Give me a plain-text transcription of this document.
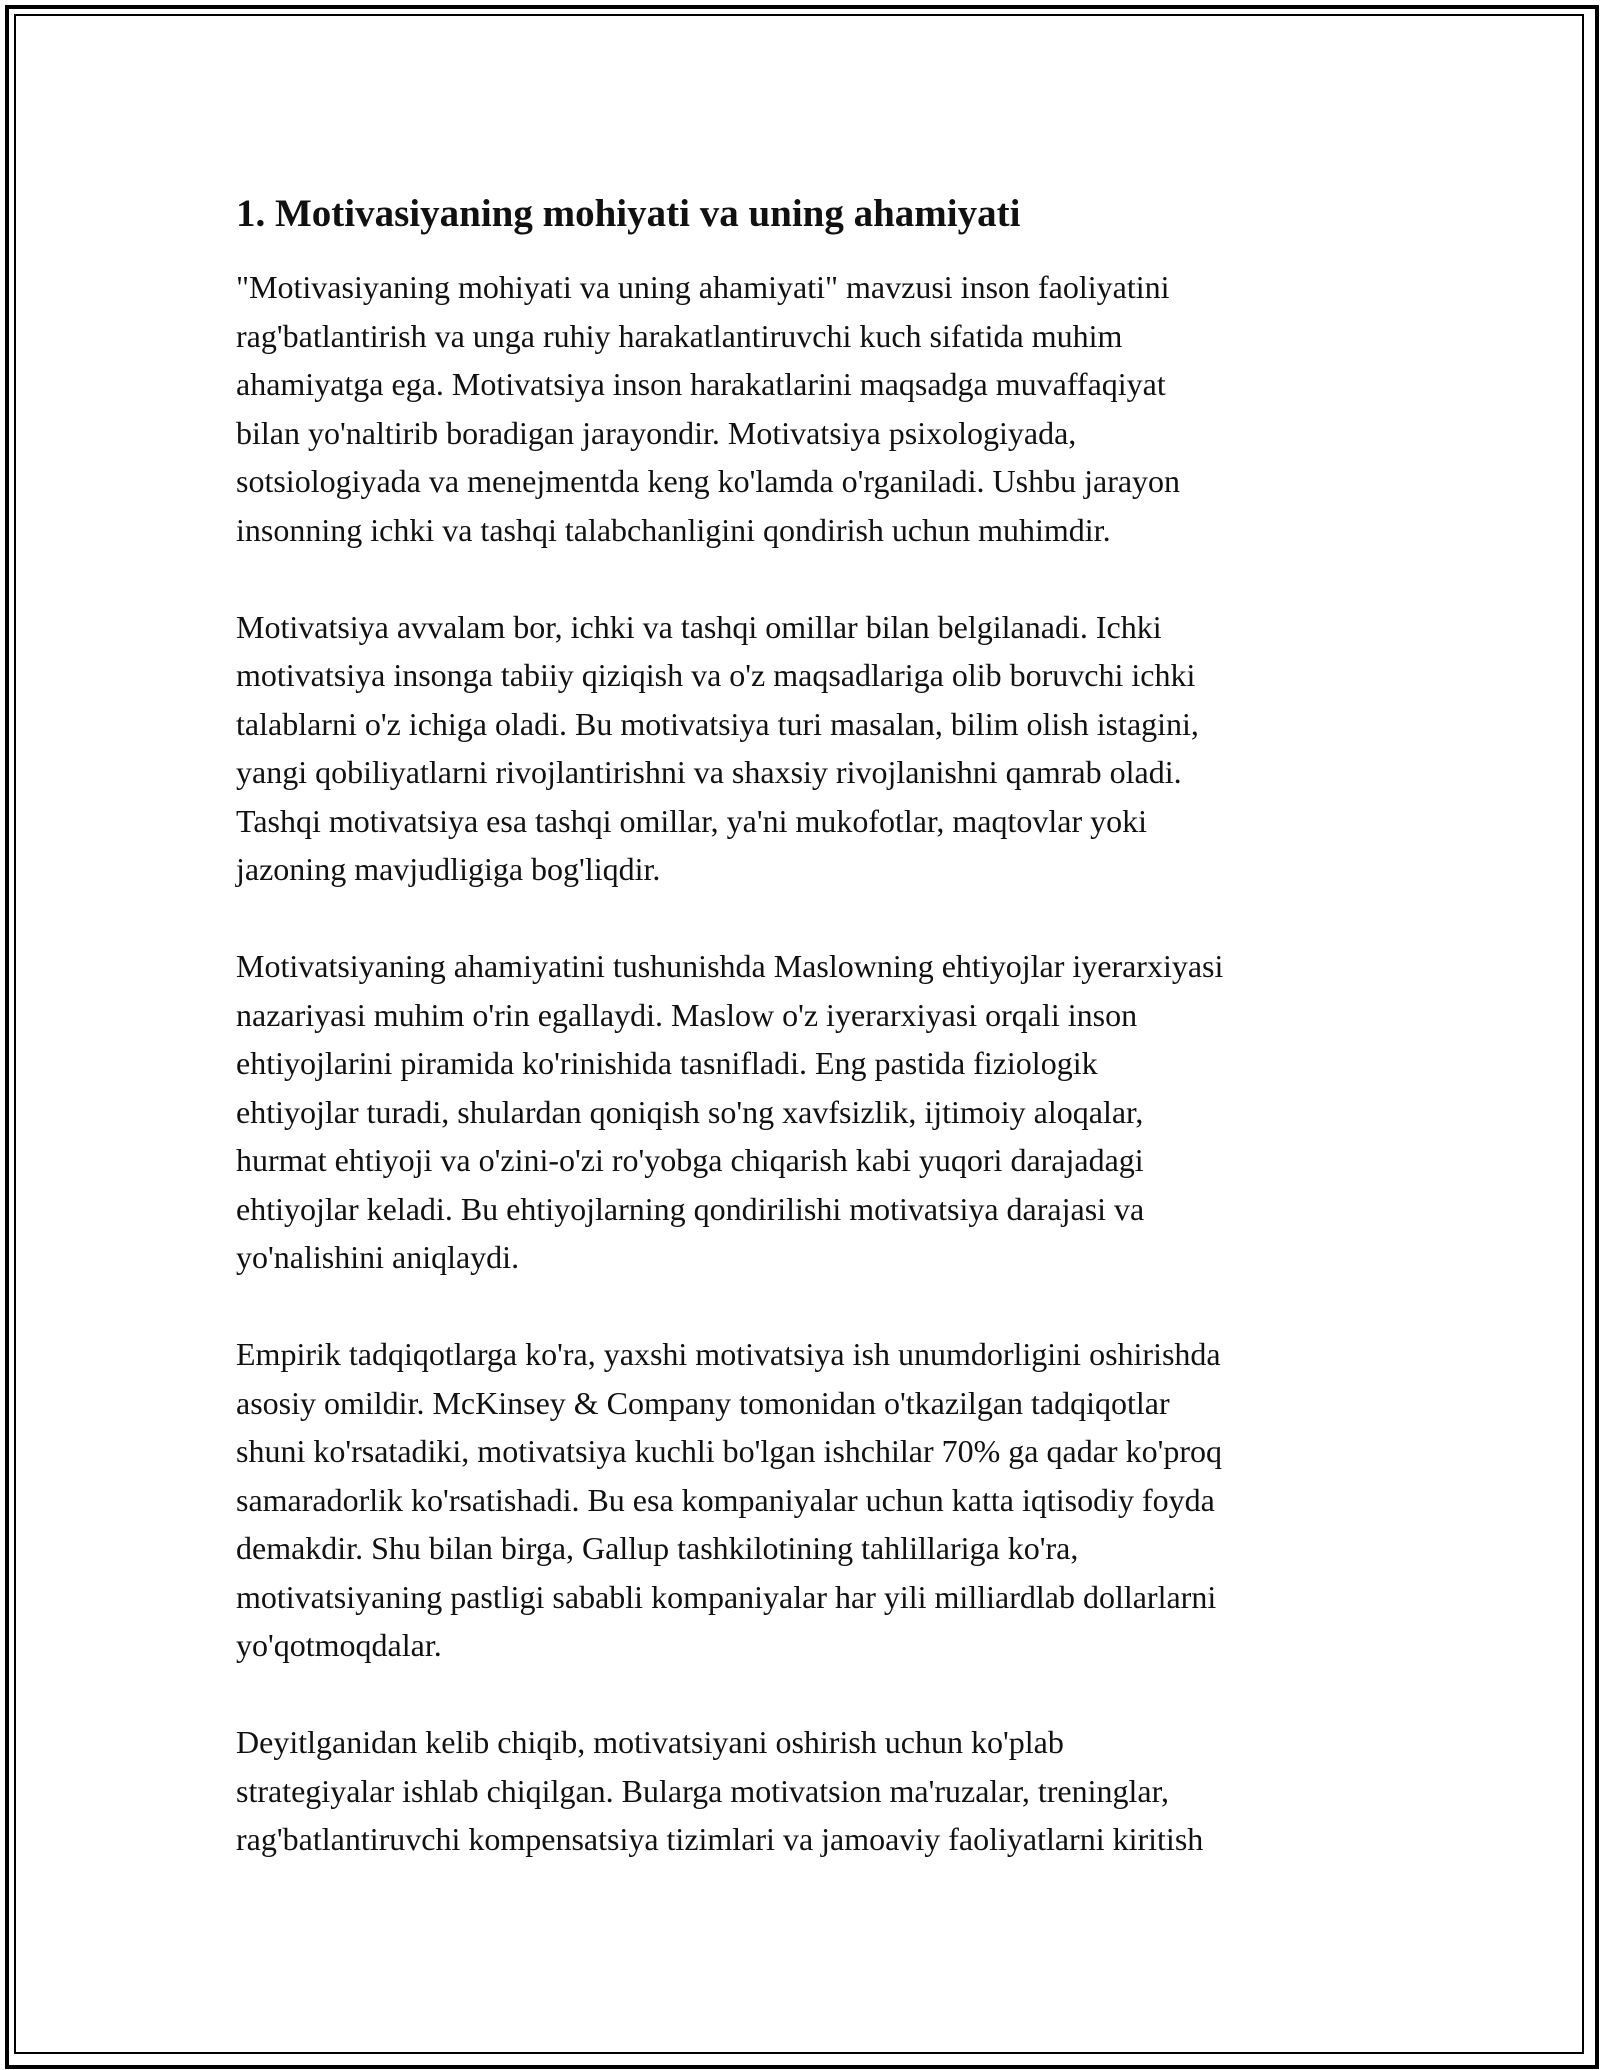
1. Motivasiyaning mohiyati va uning ahamiyati

"Motivasiyaning mohiyati va uning ahamiyati" mavzusi inson faoliyatini
rag'batlantirish va unga ruhiy harakatlantiruvchi kuch sifatida muhim
ahamiyatga ega. Motivatsiya inson harakatlarini maqsadga muvaffaqiyat
bilan yo'naltirib boradigan jarayondir. Motivatsiya psixologiyada,
sotsiologiyada va menejmentda keng ko'lamda o'rganiladi. Ushbu jarayon
insonning ichki va tashqi talabchanligini qondirish uchun muhimdir.

Motivatsiya avvalam bor, ichki va tashqi omillar bilan belgilanadi. Ichki
motivatsiya insonga tabiiy qiziqish va o'z maqsadlariga olib boruvchi ichki
talablarni o'z ichiga oladi. Bu motivatsiya turi masalan, bilim olish istagini,
yangi qobiliyatlarni rivojlantirishni va shaxsiy rivojlanishni qamrab oladi.
Tashqi motivatsiya esa tashqi omillar, ya'ni mukofotlar, maqtovlar yoki
jazoning mavjudligiga bog'liqdir.

Motivatsiyaning ahamiyatini tushunishda Maslowning ehtiyojlar iyerarxiyasi
nazariyasi muhim o'rin egallaydi. Maslow o'z iyerarxiyasi orqali inson
ehtiyojlarini piramida ko'rinishida tasnifladi. Eng pastida fiziologik
ehtiyojlar turadi, shulardan qoniqish so'ng xavfsizlik, ijtimoiy aloqalar,
hurmat ehtiyoji va o'zini-o'zi ro'yobga chiqarish kabi yuqori darajadagi
ehtiyojlar keladi. Bu ehtiyojlarning qondirilishi motivatsiya darajasi va
yo'nalishini aniqlaydi.

Empirik tadqiqotlarga ko'ra, yaxshi motivatsiya ish unumdorligini oshirishda
asosiy omildir. McKinsey & Company tomonidan o'tkazilgan tadqiqotlar
shuni ko'rsatadiki, motivatsiya kuchli bo'lgan ishchilar 70% ga qadar ko'proq
samaradorlik ko'rsatishadi. Bu esa kompaniyalar uchun katta iqtisodiy foyda
demakdir. Shu bilan birga, Gallup tashkilotining tahlillariga ko'ra,
motivatsiyaning pastligi sababli kompaniyalar har yili milliardlab dollarlarni
yo'qotmoqdalar.

Deyitlganidan kelib chiqib, motivatsiyani oshirish uchun ko'plab
strategiyalar ishlab chiqilgan. Bularga motivatsion ma'ruzalar, treninglar,
rag'batlantiruvchi kompensatsiya tizimlari va jamoaviy faoliyatlarni kiritish
